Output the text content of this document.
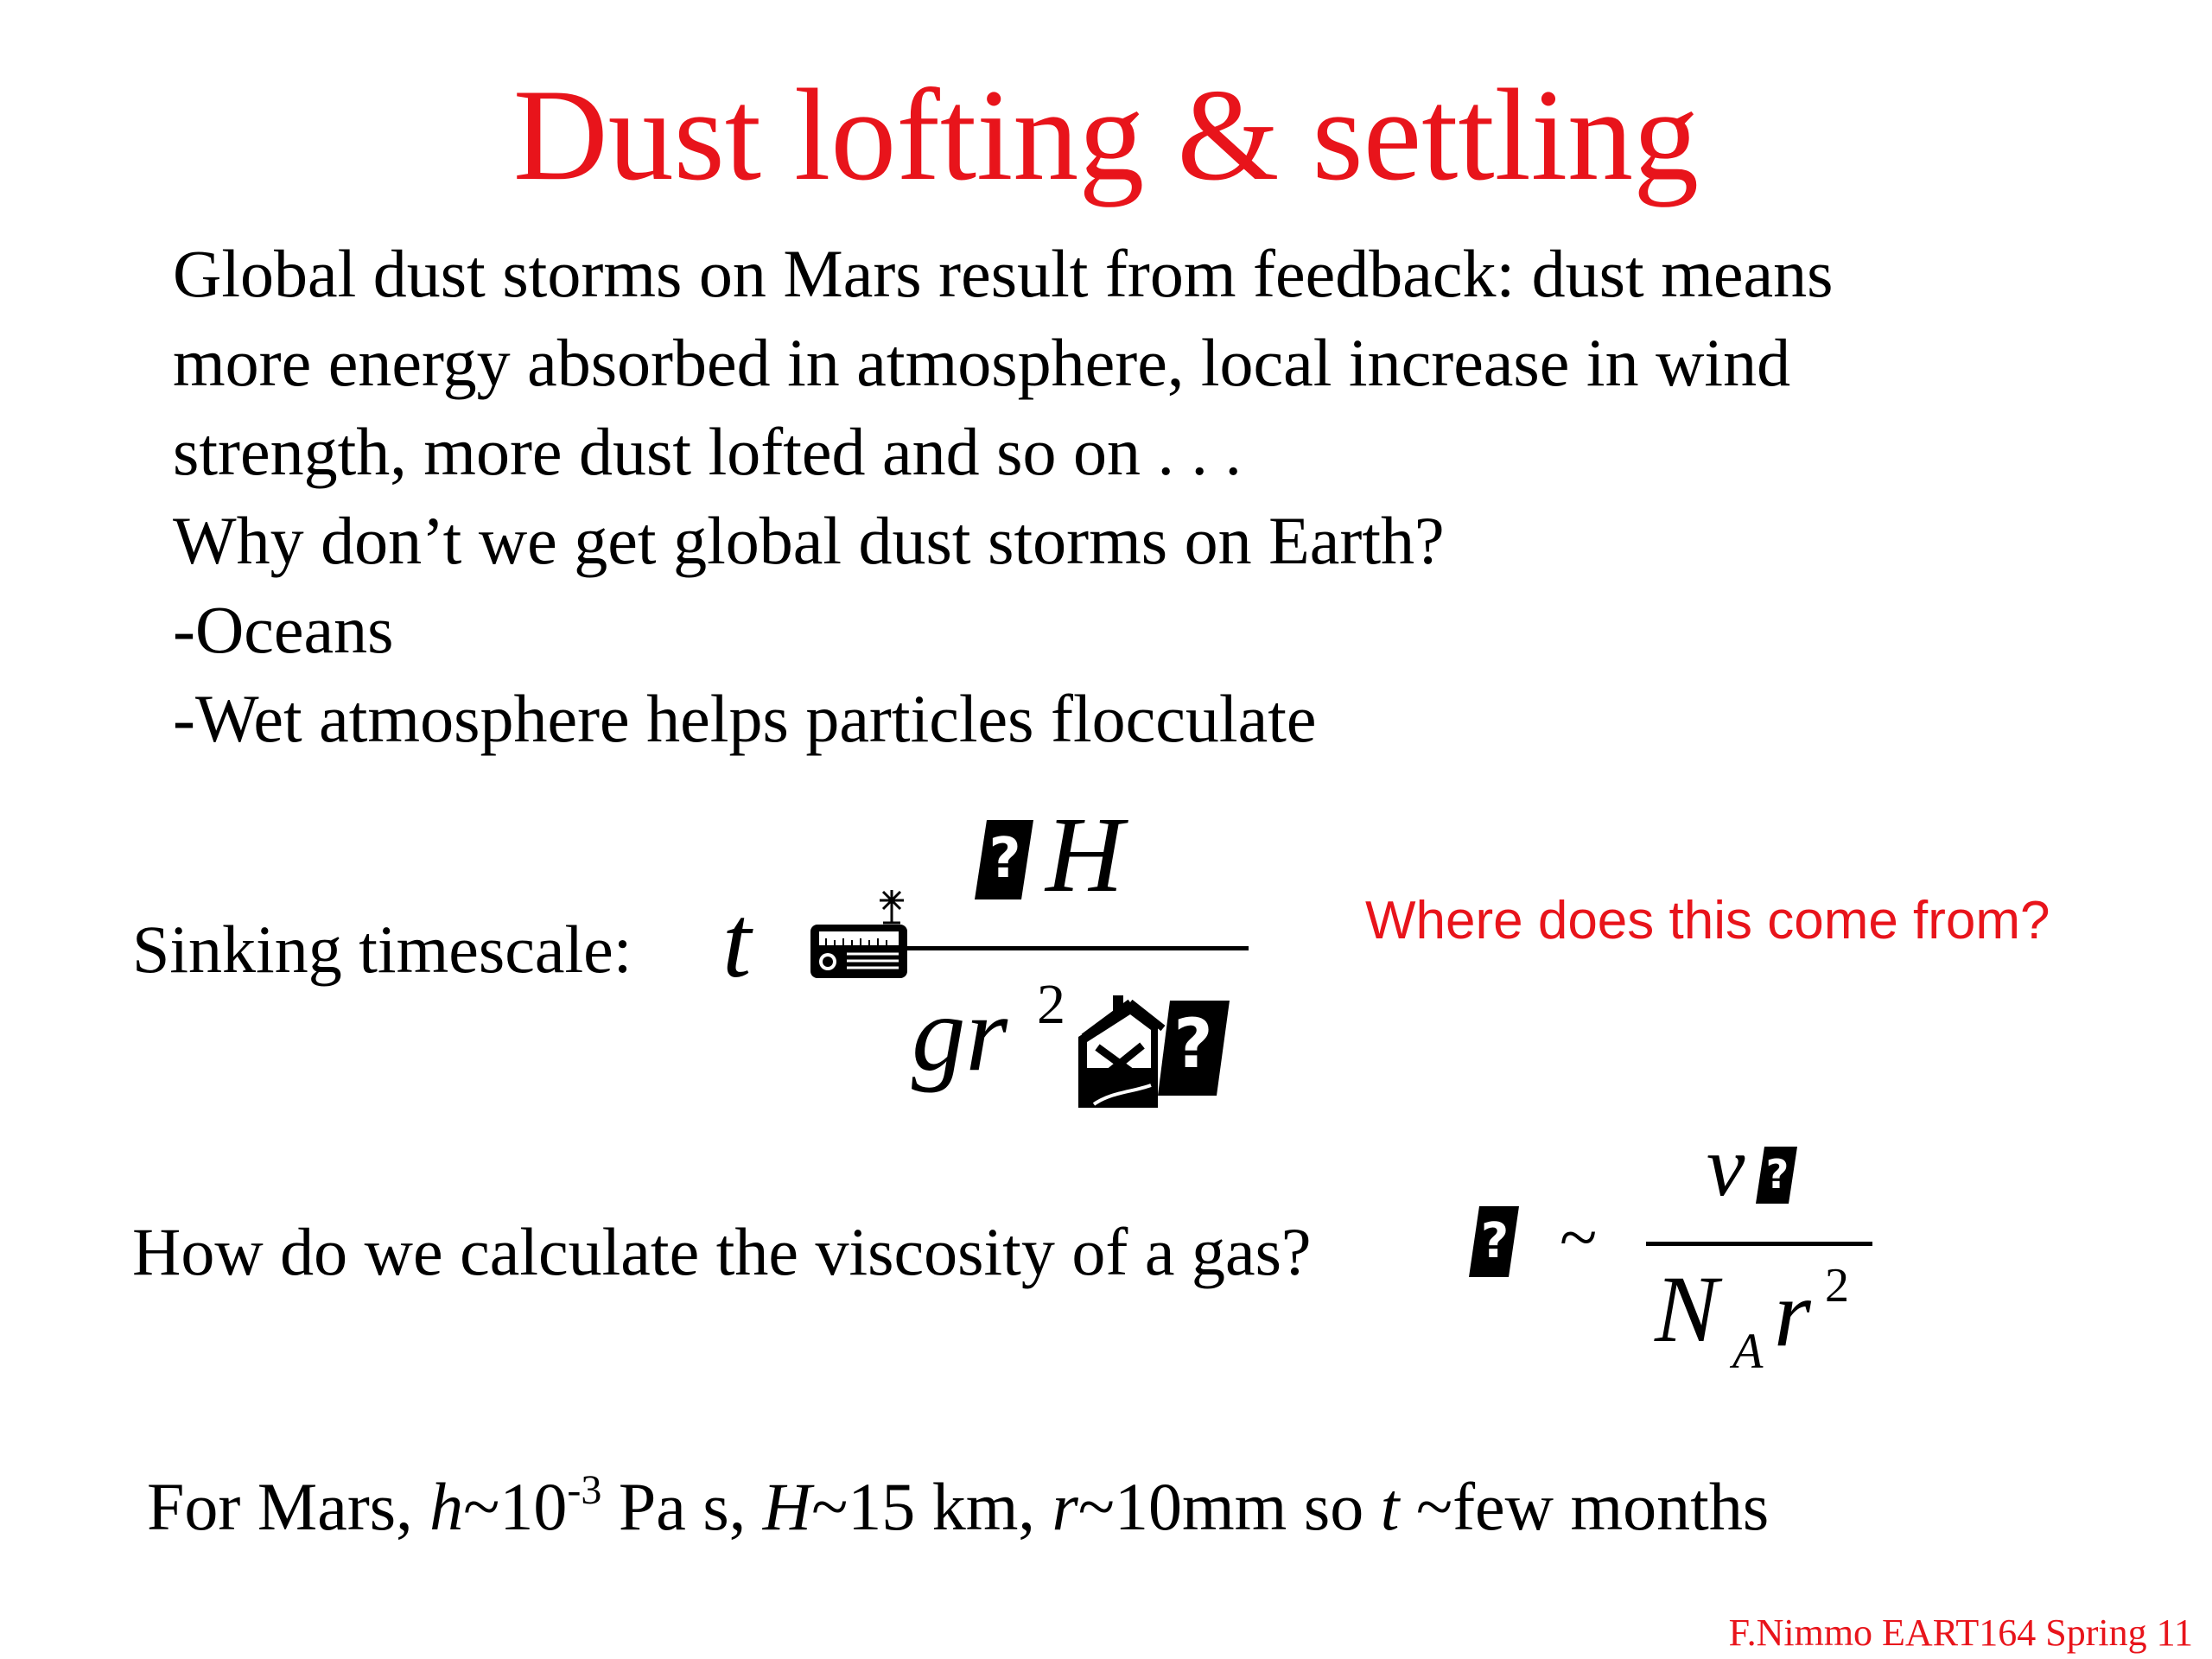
Dust lofting & settling
Global dust storms on Mars result from feedback: dust means
more energy absorbed in atmosphere, local increase in wind
strength, more dust lofted and so on . . .
Why don’t we get global dust storms on Earth?
-Oceans
-Wet atmosphere helps particles flocculate
Sinking timescale: t
? H
gr 2
?
Where does this come from?
How do we calculate the viscosity of a gas?	? ~
v ?
N A r 2
For Mars, $h\sim 10^{-3}$ Pa s, H~15 km, r~10mm so t ~few months
F.Nimmo EART164 Spring 11
